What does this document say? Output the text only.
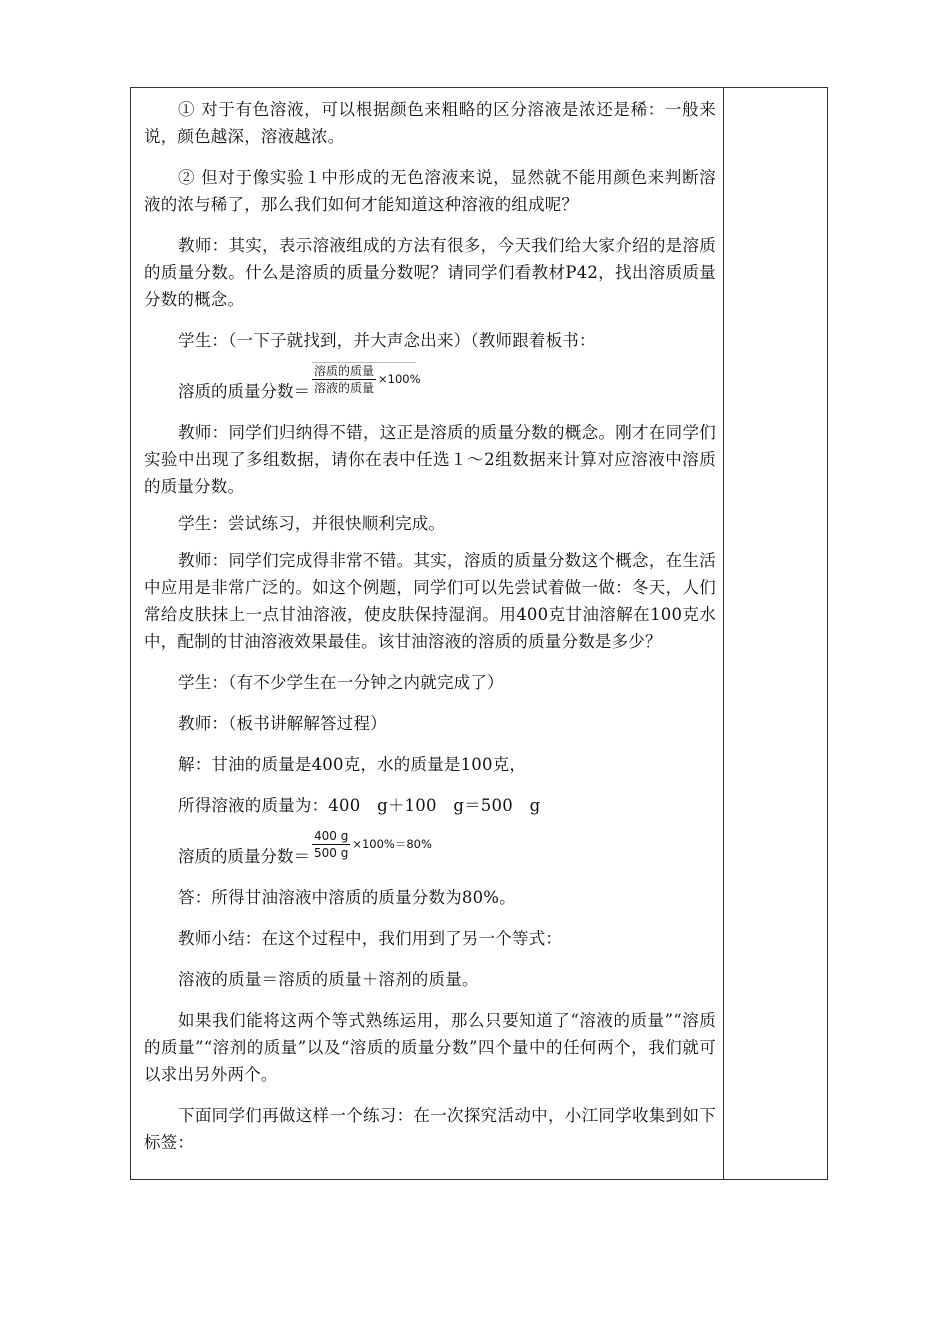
① 对于有色溶液，可以根据颜色来粗略的区分溶液是浓还是稀：一般来说，颜色越深，溶液越浓。

② 但对于像实验１中形成的无色溶液来说，显然就不能用颜色来判断溶液的浓与稀了，那么我们如何才能知道这种溶液的组成呢？

教师：其实，表示溶液组成的方法有很多，今天我们给大家介绍的是溶质的质量分数。什么是溶质的质量分数呢？请同学们看教材P42，找出溶质质量分数的概念。

学生：（一下子就找到，并大声念出来）（教师跟着板书：

溶质的质量分数＝ $\frac{\text{溶质的质量}}{\text{溶液的质量}} \times 100\%$

教师：同学们归纳得不错，这正是溶质的质量分数的概念。刚才在同学们实验中出现了多组数据，请你在表中任选１～2组数据来计算对应溶液中溶质的质量分数。

学生：尝试练习，并很快顺利完成。

教师：同学们完成得非常不错。其实，溶质的质量分数这个概念，在生活中应用是非常广泛的。如这个例题，同学们可以先尝试着做一做：冬天，人们常给皮肤抹上一点甘油溶液，使皮肤保持湿润。用400克甘油溶解在100克水中，配制的甘油溶液效果最佳。该甘油溶液的溶质的质量分数是多少？

学生：（有不少学生在一分钟之内就完成了）

教师：（板书讲解解答过程）

解：甘油的质量是400克，水的质量是100克，

所得溶液的质量为：400　g＋100　g＝500　g

溶质的质量分数＝ $\frac{400 g}{500 g} \times 100\%=80\%$

答：所得甘油溶液中溶质的质量分数为80%。

教师小结：在这个过程中，我们用到了另一个等式：

溶液的质量＝溶质的质量＋溶剂的质量。

如果我们能将这两个等式熟练运用，那么只要知道了“溶液的质量”“溶质的质量”“溶剂的质量”以及“溶质的质量分数”四个量中的任何两个，我们就可以求出另外两个。

下面同学们再做这样一个练习：在一次探究活动中，小江同学收集到如下标签：
